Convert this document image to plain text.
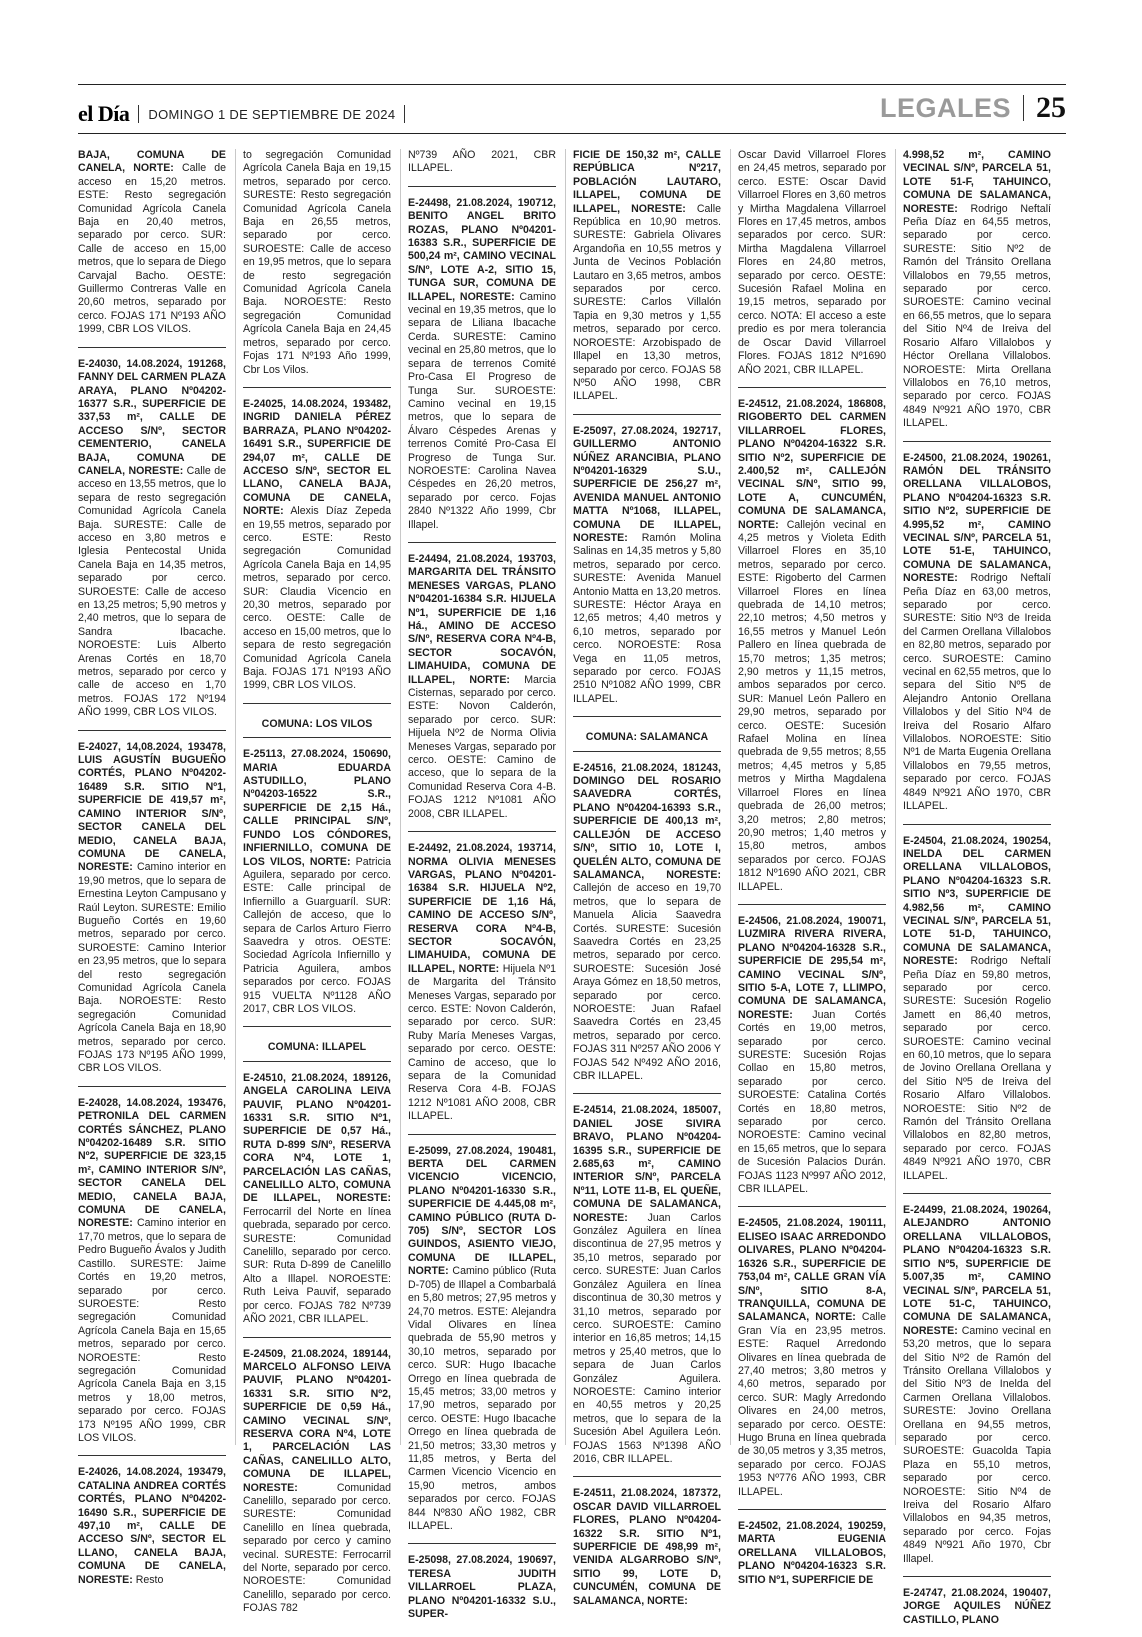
el Día DOMINGO 1 DE SEPTIEMBRE DE 2024	LEGALES 25
BAJA, COMUNA DE CANELA, NORTE: Calle de acceso en 15,20 metros. ESTE: Resto segregación Comunidad Agrícola Canela Baja en 20,40 metros, separado por cerco. SUR: Calle de acceso en 15,00 metros, que lo separa de Diego Carvajal Bacho. OESTE: Guillermo Contreras Valle en 20,60 metros, separado por cerco. FOJAS 171 Nº193 AÑO 1999, CBR LOS VILOS.
E-24030, 14.08.2024, 191268, FANNY DEL CARMEN PLAZA ARAYA, PLANO Nº04202-16377 S.R., SUPERFICIE DE 337,53 m², CALLE DE ACCESO S/Nº, SECTOR CEMENTERIO, CANELA BAJA, COMUNA DE CANELA, NORESTE: Calle de acceso en 13,55 metros, que lo separa de resto segregación Comunidad Agrícola Canela Baja. SURESTE: Calle de acceso en 3,80 metros e Iglesia Pentecostal Unida Canela Baja en 14,35 metros, separado por cerco. SUROESTE: Calle de acceso en 13,25 metros; 5,90 metros y 2,40 metros, que lo separa de Sandra Ibacache. NOROESTE: Luis Alberto Arenas Cortés en 18,70 metros, separado por cerco y calle de acceso en 1,70 metros. FOJAS 172 Nº194 AÑO 1999, CBR LOS VILOS.
E-24027, 14,08.2024, 193478, LUIS AGUSTÍN BUGUEÑO CORTÉS, PLANO Nº04202-16489 S.R. SITIO Nº1, SUPERFICIE DE 419,57 m², CAMINO INTERIOR S/Nº, SECTOR CANELA DEL MEDIO, CANELA BAJA, COMUNA DE CANELA, NORESTE: Camino interior en 19,90 metros, que lo separa de Ernestina Leyton Campusano y Raúl Leyton. SURESTE: Emilio Bugueño Cortés en 19,60 metros, separado por cerco. SUROESTE: Camino Interior en 23,95 metros, que lo separa del resto segregación Comunidad Agrícola Canela Baja. NOROESTE: Resto segregación Comunidad Agrícola Canela Baja en 18,90 metros, separado por cerco. FOJAS 173 Nº195 AÑO 1999, CBR LOS VILOS.
E-24028, 14.08.2024, 193476, PETRONILA DEL CARMEN CORTÉS SÁNCHEZ, PLANO Nº04202-16489 S.R. SITIO Nº2, SUPERFICIE DE 323,15 m², CAMINO INTERIOR S/Nº, SECTOR CANELA DEL MEDIO, CANELA BAJA, COMUNA DE CANELA, NORESTE: Camino interior en 17,70 metros, que lo separa de Pedro Bugueño Ávalos y Judith Castillo. SURESTE: Jaime Cortés en 19,20 metros, separado por cerco. SUROESTE: Resto segregación Comunidad Agrícola Canela Baja en 15,65 metros, separado por cerco. NOROESTE: Resto segregación Comunidad Agrícola Canela Baja en 3,15 metros y 18,00 metros, separado por cerco. FOJAS 173 Nº195 AÑO 1999, CBR LOS VILOS.
E-24026, 14.08.2024, 193479, CATALINA ANDREA CORTÉS CORTÉS, PLANO Nº04202-16490 S.R., SUPERFICIE DE 497,10 m², CALLE DE ACCESO S/Nº, SECTOR EL LLANO, CANELA BAJA, COMUNA DE CANELA, NORESTE: Resto
to segregación Comunidad Agrícola Canela Baja en 19,15 metros, separado por cerco. SURESTE: Resto segregación Comunidad Agrícola Canela Baja en 26,55 metros, separado por cerco. SUROESTE: Calle de acceso en 19,95 metros, que lo separa de resto segregación Comunidad Agrícola Canela Baja. NOROESTE: Resto segregación Comunidad Agrícola Canela Baja en 24,45 metros, separado por cerco. Fojas 171 Nº193 Año 1999, Cbr Los Vilos.
E-24025, 14.08.2024, 193482, INGRID DANIELA PÉREZ BARRAZA, PLANO Nº04202-16491 S.R., SUPERFICIE DE 294,07 m², CALLE DE ACCESO S/Nº, SECTOR EL LLANO, CANELA BAJA, COMUNA DE CANELA, NORTE: Alexis Díaz Zepeda en 19,55 metros, separado por cerco. ESTE: Resto segregación Comunidad Agrícola Canela Baja en 14,95 metros, separado por cerco. SUR: Claudia Vicencio en 20,30 metros, separado por cerco. OESTE: Calle de acceso en 15,00 metros, que lo separa de resto segregación Comunidad Agrícola Canela Baja. FOJAS 171 Nº193 AÑO 1999, CBR LOS VILOS.
COMUNA: LOS VILOS
E-25113, 27.08.2024, 150690, MARIA EDUARDA ASTUDILLO, PLANO Nº04203-16522 S.R., SUPERFICIE DE 2,15 Há., CALLE PRINCIPAL S/Nº, FUNDO LOS CÓNDORES, INFIERNILLO, COMUNA DE LOS VILOS, NORTE: Patricia Aguilera, separado por cerco. ESTE: Calle principal de Infiernillo a Guarguaríl. SUR: Callejón de acceso, que lo separa de Carlos Arturo Fierro Saavedra y otros. OESTE: Sociedad Agrícola Infiernillo y Patricia Aguilera, ambos separados por cerco. FOJAS 915 VUELTA Nº1128 AÑO 2017, CBR LOS VILOS.
COMUNA: ILLAPEL
E-24510, 21.08.2024, 189126, ANGELA CAROLINA LEIVA PAUVIF, PLANO Nº04201-16331 S.R. SITIO Nº1, SUPERFICIE DE 0,57 Há., RUTA D-899 S/Nº, RESERVA CORA Nº4, LOTE 1, PARCELACIÓN LAS CAÑAS, CANELILLO ALTO, COMUNA DE ILLAPEL, NORESTE: Ferrocarril del Norte en línea quebrada, separado por cerco. SURESTE: Comunidad Canelillo, separado por cerco. SUR: Ruta D-899 de Canelillo Alto a Illapel. NOROESTE: Ruth Leiva Pauvif, separado por cerco. FOJAS 782 Nº739 AÑO 2021, CBR ILLAPEL.
E-24509, 21.08.2024, 189144, MARCELO ALFONSO LEIVA PAUVIF, PLANO Nº04201-16331 S.R. SITIO Nº2, SUPERFICIE DE 0,59 Há., CAMINO VECINAL S/Nº, RESERVA CORA Nº4, LOTE 1, PARCELACIÓN LAS CAÑAS, CANELILLO ALTO, COMUNA DE ILLAPEL, NORESTE: Comunidad Canelillo, separado por cerco. SURESTE: Comunidad Canelillo en línea quebrada, separado por cerco y camino vecinal. SURESTE: Ferrocarril del Norte, separado por cerco. NOROESTE: Comunidad Canelillo, separado por cerco. FOJAS 782
Nº739 AÑO 2021, CBR ILLAPEL.
E-24498, 21.08.2024, 190712, BENITO ANGEL BRITO ROZAS, PLANO Nº04201-16383 S.R., SUPERFICIE DE 500,24 m², CAMINO VECINAL S/Nº, LOTE A-2, SITIO 15, TUNGA SUR, COMUNA DE ILLAPEL, NORESTE: Camino vecinal en 19,35 metros, que lo separa de Liliana Ibacache Cerda. SURESTE: Camino vecinal en 25,80 metros, que lo separa de terrenos Comité Pro-Casa El Progreso de Tunga Sur. SUROESTE: Camino vecinal en 19,15 metros, que lo separa de Álvaro Céspedes Arenas y terrenos Comité Pro-Casa El Progreso de Tunga Sur. NOROESTE: Carolina Navea Céspedes en 26,20 metros, separado por cerco. Fojas 2840 Nº1322 Año 1999, Cbr Illapel.
E-24494, 21.08.2024, 193703, MARGARITA DEL TRÁNSITO MENESES VARGAS, PLANO Nº04201-16384 S.R. HIJUELA Nº1, SUPERFICIE DE 1,16 Há., AMINO DE ACCESO S/Nº, RESERVA CORA Nº4-B, SECTOR SOCAVÓN, LIMAHUIDA, COMUNA DE ILLAPEL, NORTE: Marcia Cisternas, separado por cerco. ESTE: Novon Calderón, separado por cerco. SUR: Hijuela Nº2 de Norma Olivia Meneses Vargas, separado por cerco. OESTE: Camino de acceso, que lo separa de la Comunidad Reserva Cora 4-B. FOJAS 1212 Nº1081 AÑO 2008, CBR ILLAPEL.
E-24492, 21.08.2024, 193714, NORMA OLIVIA MENESES VARGAS, PLANO Nº04201-16384 S.R. HIJUELA Nº2, SUPERFICIE DE 1,16 Há, CAMINO DE ACCESO S/Nº, RESERVA CORA Nº4-B, SECTOR SOCAVÓN, LIMAHUIDA, COMUNA DE ILLAPEL, NORTE: Hijuela Nº1 de Margarita del Tránsito Meneses Vargas, separado por cerco. ESTE: Novon Calderón, separado por cerco. SUR: Ruby María Meneses Vargas, separado por cerco. OESTE: Camino de acceso, que lo separa de la Comunidad Reserva Cora 4-B. FOJAS 1212 Nº1081 AÑO 2008, CBR ILLAPEL.
E-25099, 27.08.2024, 190481, BERTA DEL CARMEN VICENCIO VICENCIO, PLANO Nº04201-16330 S.R., SUPERFICIE DE 4.445,08 m², CAMINO PÚBLICO (RUTA D-705) S/Nº, SECTOR LOS GUINDOS, ASIENTO VIEJO, COMUNA DE ILLAPEL, NORTE: Camino público (Ruta D-705) de Illapel a Combarbalá en 5,80 metros; 27,95 metros y 24,70 metros. ESTE: Alejandra Vidal Olivares en línea quebrada de 55,90 metros y 30,10 metros, separado por cerco. SUR: Hugo Ibacache Orrego en línea quebrada de 15,45 metros; 33,00 metros y 17,90 metros, separado por cerco. OESTE: Hugo Ibacache Orrego en línea quebrada de 21,50 metros; 33,30 metros y 11,85 metros, y Berta del Carmen Vicencio Vicencio en 15,90 metros, ambos separados por cerco. FOJAS 844 Nº830 AÑO 1982, CBR ILLAPEL.
E-25098, 27.08.2024, 190697, TERESA JUDITH VILLARROEL PLAZA, PLANO Nº04201-16332 S.U., SUPER-
FICIE DE 150,32 m², CALLE REPÚBLICA Nº217, POBLACIÓN LAUTARO, ILLAPEL, COMUNA DE ILLAPEL, NORESTE: Calle República en 10,90 metros. SURESTE: Gabriela Olivares Argandoña en 10,55 metros y Junta de Vecinos Población Lautaro en 3,65 metros, ambos separados por cerco. SURESTE: Carlos Villalón Tapia en 9,30 metros y 1,55 metros, separado por cerco. NOROESTE: Arzobispado de Illapel en 13,30 metros, separado por cerco. FOJAS 58 Nº50 AÑO 1998, CBR ILLAPEL.
E-25097, 27.08.2024, 192717, GUILLERMO ANTONIO NÚÑEZ ARANCIBIA, PLANO Nº04201-16329 S.U., SUPERFICIE DE 256,27 m², AVENIDA MANUEL ANTONIO MATTA Nº1068, ILLAPEL, COMUNA DE ILLAPEL, NORESTE: Ramón Molina Salinas en 14,35 metros y 5,80 metros, separado por cerco. SURESTE: Avenida Manuel Antonio Matta en 13,20 metros. SURESTE: Héctor Araya en 12,65 metros; 4,40 metros y 6,10 metros, separado por cerco. NOROESTE: Rosa Vega en 11,05 metros, separado por cerco. FOJAS 2510 Nº1082 AÑO 1999, CBR ILLAPEL.
COMUNA: SALAMANCA
E-24516, 21.08.2024, 181243, DOMINGO DEL ROSARIO SAAVEDRA CORTÉS, PLANO Nº04204-16393 S.R., SUPERFICIE DE 400,13 m², CALLEJÓN DE ACCESO S/Nº, SITIO 10, LOTE I, QUELÉN ALTO, COMUNA DE SALAMANCA, NORESTE: Callejón de acceso en 19,70 metros, que lo separa de Manuela Alicia Saavedra Cortés. SURESTE: Sucesión Saavedra Cortés en 23,25 metros, separado por cerco. SUROESTE: Sucesión José Araya Gómez en 18,50 metros, separado por cerco. NOROESTE: Juan Rafael Saavedra Cortés en 23,45 metros, separado por cerco. FOJAS 311 Nº257 AÑO 2006 Y FOJAS 542 Nº492 AÑO 2016, CBR ILLAPEL.
E-24514, 21.08.2024, 185007, DANIEL JOSE SIVIRA BRAVO, PLANO Nº04204-16395 S.R., SUPERFICIE DE 2.685,63 m², CAMINO INTERIOR S/Nº, PARCELA Nº11, LOTE 11-B, EL QUEÑE, COMUNA DE SALAMANCA, NORESTE: Juan Carlos González Aguilera en línea discontinua de 27,95 metros y 35,10 metros, separado por cerco. SURESTE: Juan Carlos González Aguilera en línea discontinua de 30,30 metros y 31,10 metros, separado por cerco. SUROESTE: Camino interior en 16,85 metros; 14,15 metros y 25,40 metros, que lo separa de Juan Carlos González Aguilera. NOROESTE: Camino interior en 40,55 metros y 20,25 metros, que lo separa de la Sucesión Abel Aguilera León. FOJAS 1563 Nº1398 AÑO 2016, CBR ILLAPEL.
E-24511, 21.08.2024, 187372, OSCAR DAVID VILLARROEL FLORES, PLANO Nº04204-16322 S.R. SITIO Nº1, SUPERFICIE DE 498,99 m², VENIDA ALGARROBO S/Nº, SITIO 99, LOTE D, CUNCUMÉN, COMUNA DE SALAMANCA, NORTE:
Oscar David Villarroel Flores en 24,45 metros, separado por cerco. ESTE: Oscar David Villarroel Flores en 3,60 metros y Mirtha Magdalena Villarroel Flores en 17,45 metros, ambos separados por cerco. SUR: Mirtha Magdalena Villarroel Flores en 24,80 metros, separado por cerco. OESTE: Sucesión Rafael Molina en 19,15 metros, separado por cerco. NOTA: El acceso a este predio es por mera tolerancia de Oscar David Villarroel Flores. FOJAS 1812 Nº1690 AÑO 2021, CBR ILLAPEL.
E-24512, 21.08.2024, 186808, RIGOBERTO DEL CARMEN VILLARROEL FLORES, PLANO Nº04204-16322 S.R. SITIO Nº2, SUPERFICIE DE 2.400,52 m², CALLEJÓN VECINAL S/Nº, SITIO 99, LOTE A, CUNCUMÉN, COMUNA DE SALAMANCA, NORTE: Callejón vecinal en 4,25 metros y Violeta Edith Villarroel Flores en 35,10 metros, separado por cerco. ESTE: Rigoberto del Carmen Villarroel Flores en línea quebrada de 14,10 metros; 22,10 metros; 4,50 metros y 16,55 metros y Manuel León Pallero en línea quebrada de 15,70 metros; 1,35 metros; 2,90 metros y 11,15 metros, ambos separados por cerco. SUR: Manuel León Pallero en 29,90 metros, separado por cerco. OESTE: Sucesión Rafael Molina en línea quebrada de 9,55 metros; 8,55 metros; 4,45 metros y 5,85 metros y Mirtha Magdalena Villarroel Flores en línea quebrada de 26,00 metros; 3,20 metros; 2,80 metros; 20,90 metros; 1,40 metros y 15,80 metros, ambos separados por cerco. FOJAS 1812 Nº1690 AÑO 2021, CBR ILLAPEL.
E-24506, 21.08.2024, 190071, LUZMIRA RIVERA RIVERA, PLANO Nº04204-16328 S.R., SUPERFICIE DE 295,54 m², CAMINO VECINAL S/Nº, SITIO 5-A, LOTE 7, LLIMPO, COMUNA DE SALAMANCA, NORESTE: Juan Cortés Cortés en 19,00 metros, separado por cerco. SURESTE: Sucesión Rojas Collao en 15,80 metros, separado por cerco. SUROESTE: Catalina Cortés Cortés en 18,80 metros, separado por cerco. NOROESTE: Camino vecinal en 15,65 metros, que lo separa de Sucesión Palacios Durán. FOJAS 1123 Nº997 AÑO 2012, CBR ILLAPEL.
E-24505, 21.08.2024, 190111, ELISEO ISAAC ARREDONDO OLIVARES, PLANO Nº04204-16326 S.R., SUPERFICIE DE 753,04 m², CALLE GRAN VÍA S/Nº, SITIO 8-A, TRANQUILLA, COMUNA DE SALAMANCA, NORTE: Calle Gran Vía en 23,95 metros. ESTE: Raquel Arredondo Olivares en línea quebrada de 27,40 metros; 3,80 metros y 4,60 metros, separado por cerco. SUR: Magly Arredondo Olivares en 24,00 metros, separado por cerco. OESTE: Hugo Bruna en línea quebrada de 30,05 metros y 3,35 metros, separado por cerco. FOJAS 1953 Nº776 AÑO 1993, CBR ILLAPEL.
E-24502, 21.08.2024, 190259, MARTA EUGENIA ORELLANA VILLALOBOS, PLANO Nº04204-16323 S.R. SITIO Nº1, SUPERFICIE DE
4.998,52 m², CAMINO VECINAL S/Nº, PARCELA 51, LOTE 51-F, TAHUINCO, COMUNA DE SALAMANCA, NORESTE: Rodrigo Neftalí Peña Díaz en 64,55 metros, separado por cerco. SURESTE: Sitio Nº2 de Ramón del Tránsito Orellana Villalobos en 79,55 metros, separado por cerco. SUROESTE: Camino vecinal en 66,55 metros, que lo separa del Sitio Nº4 de Ireiva del Rosario Alfaro Villalobos y Héctor Orellana Villalobos. NOROESTE: Mirta Orellana Villalobos en 76,10 metros, separado por cerco. FOJAS 4849 Nº921 AÑO 1970, CBR ILLAPEL.
E-24500, 21.08.2024, 190261, RAMÓN DEL TRÁNSITO ORELLANA VILLALOBOS, PLANO Nº04204-16323 S.R. SITIO Nº2, SUPERFICIE DE 4.995,52 m², CAMINO VECINAL S/Nº, PARCELA 51, LOTE 51-E, TAHUINCO, COMUNA DE SALAMANCA, NORESTE: Rodrigo Neftalí Peña Díaz en 63,00 metros, separado por cerco. SURESTE: Sitio Nº3 de Ireida del Carmen Orellana Villalobos en 82,80 metros, separado por cerco. SUROESTE: Camino vecinal en 62,55 metros, que lo separa del Sitio Nº5 de Alejandro Antonio Orellana Villalobos y del Sitio Nº4 de Ireiva del Rosario Alfaro Villalobos. NOROESTE: Sitio Nº1 de Marta Eugenia Orellana Villalobos en 79,55 metros, separado por cerco. FOJAS 4849 Nº921 AÑO 1970, CBR ILLAPEL.
E-24504, 21.08.2024, 190254, INELDA DEL CARMEN ORELLANA VILLALOBOS, PLANO Nº04204-16323 S.R. SITIO Nº3, SUPERFICIE DE 4.982,56 m², CAMINO VECINAL S/Nº, PARCELA 51, LOTE 51-D, TAHUINCO, COMUNA DE SALAMANCA, NORESTE: Rodrigo Neftalí Peña Díaz en 59,80 metros, separado por cerco. SURESTE: Sucesión Rogelio Jamett en 86,40 metros, separado por cerco. SUROESTE: Camino vecinal en 60,10 metros, que lo separa de Jovino Orellana Orellana y del Sitio Nº5 de Ireiva del Rosario Alfaro Villalobos. NOROESTE: Sitio Nº2 de Ramón del Tránsito Orellana Villalobos en 82,80 metros, separado por cerco. FOJAS 4849 Nº921 AÑO 1970, CBR ILLAPEL.
E-24499, 21.08.2024, 190264, ALEJANDRO ANTONIO ORELLANA VILLALOBOS, PLANO Nº04204-16323 S.R. SITIO Nº5, SUPERFICIE DE 5.007,35 m², CAMINO VECINAL S/Nº, PARCELA 51, LOTE 51-C, TAHUINCO, COMUNA DE SALAMANCA, NORESTE: Camino vecinal en 53,20 metros, que lo separa del Sitio Nº2 de Ramón del Tránsito Orellana Villalobos y del Sitio Nº3 de Inelda del Carmen Orellana Villalobos. SURESTE: Jovino Orellana Orellana en 94,55 metros, separado por cerco. SUROESTE: Guacolda Tapia Plaza en 55,10 metros, separado por cerco. NOROESTE: Sitio Nº4 de Ireiva del Rosario Alfaro Villalobos en 94,35 metros, separado por cerco. Fojas 4849 Nº921 Año 1970, Cbr Illapel.
E-24747, 21.08.2024, 190407, JORGE AQUILES NÚÑEZ CASTILLO, PLANO
